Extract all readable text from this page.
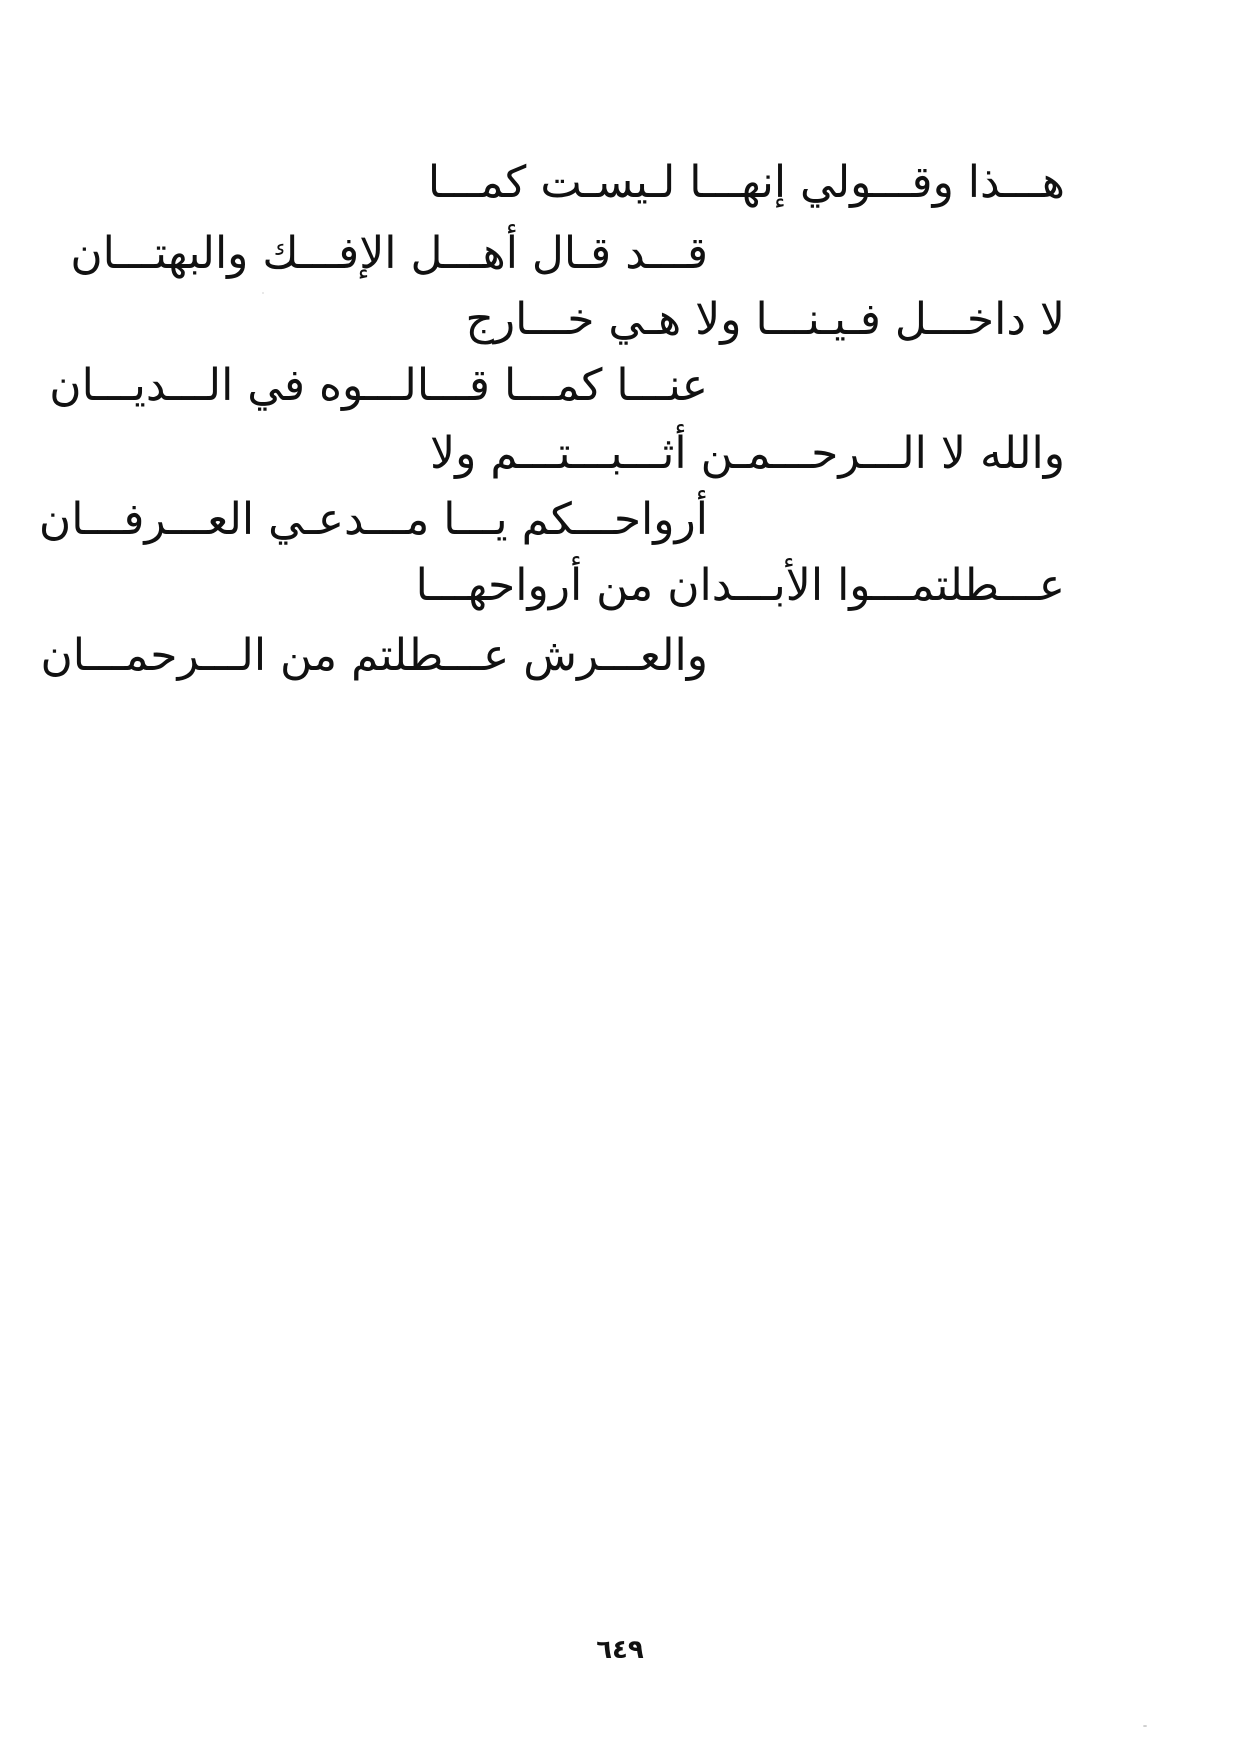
هـــذا وقـــولي إنهـــا لـيسـت كمـــا
قـــد قـال أهـــل الإفـــك والبهتـــان
لا داخـــل فـيـنـــا ولا هـي خـــارج
عنـــا كمـــا قـــالـــوه في الـــديـــان
والله لا الـــرحـــمـن أثـــبـــتـــم ولا
أرواحـــكم يـــا مـــدعـي العـــرفـــان
عـــطلتمـــوا الأبـــدان من أرواحهـــا
والعـــرش عـــطلتم من الـــرحمـــان
٦٤٩
